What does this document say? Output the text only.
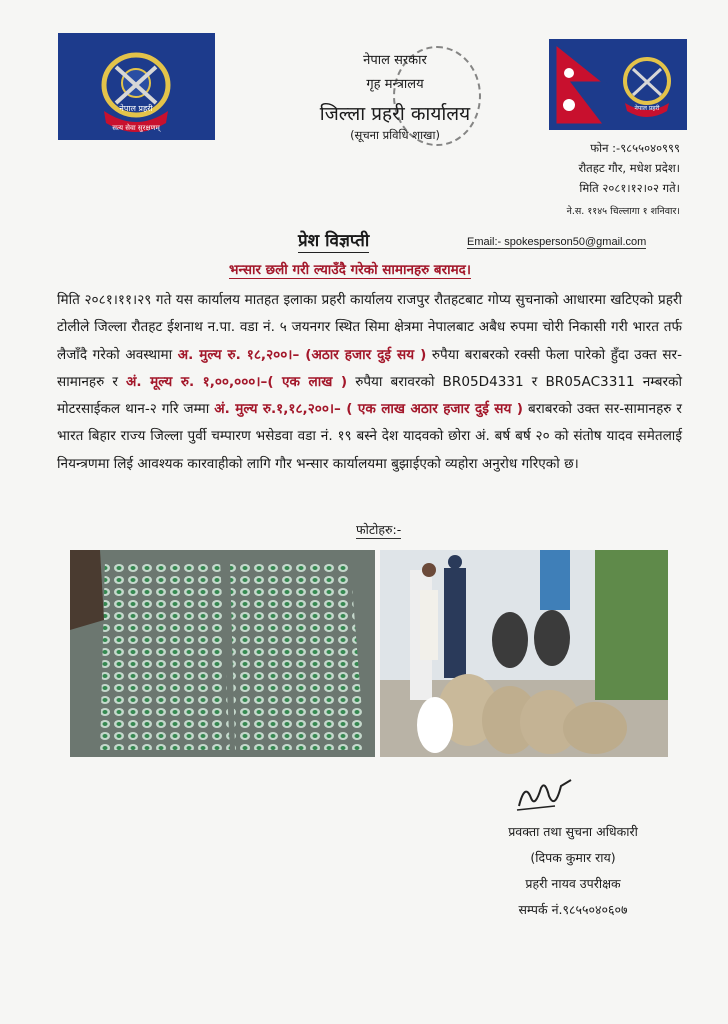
नेपाल प्रहरी
सत्य सेवा सुरक्षणम्
नेपाल सरकार
गृह मन्त्रालय
जिल्ला प्रहरी कार्यालय
(सूचना प्रविधि शाखा)
नेपाल प्रहरी
फोन :-९८५५०४०९९९
रौतहट गौर, मधेश प्रदेश।
मिति २०८१।१२।०२ गते।
ने.स. ११४५ चिल्लागा १ शनिवार।
प्रेश विज्ञप्ती	Email:- spokesperson50@gmail.com
भन्सार छली गरी ल्याउँदै गरेको सामानहरु बरामद।
मिति २०८१।११।२९ गते यस कार्यालय मातहत इलाका प्रहरी कार्यालय राजपुर रौतहटबाट गोप्य सुचनाको आधारमा खटिएको प्रहरी टोलीले जिल्ला रौतहट ईशनाथ न.पा. वडा नं. ५ जयनगर स्थित सिमा क्षेत्रमा नेपालबाट अबैध रुपमा चोरी निकासी गरी भारत तर्फ लैजाँदै गरेको अवस्थामा अ. मुल्य रु. १८,२००।– (अठार हजार दुई सय ) रुपैया बराबरको रक्सी फेला पारेको हुँदा उक्त सर-सामानहरु र अं. मूल्य रु. १,००,०००।–( एक लाख ) रुपैया बरावरको BR05D4331 र BR05AC3311 नम्बरको मोटरसाईकल थान-२ गरि जम्मा अं. मुल्य रु.१,१८,२००।– ( एक लाख अठार हजार दुई सय ) बराबरको उक्त सर-सामानहरु र भारत बिहार राज्य जिल्ला पुर्वी चम्पारण भसेडवा वडा नं. १९ बस्ने देश यादवको छोरा अं. बर्ष बर्ष २० को संतोष यादव समेतलाई नियन्त्रणमा लिई आवश्यक कारवाहीको लागि गौर भन्सार कार्यालयमा बुझाईएको व्यहोरा अनुरोध गरिएको छ।
फोटोहरु:-
प्रवक्ता तथा सुचना अधिकारी
(दिपक कुमार राय)
प्रहरी नायव उपरीक्षक
सम्पर्क नं.९८५५०४०६०७
